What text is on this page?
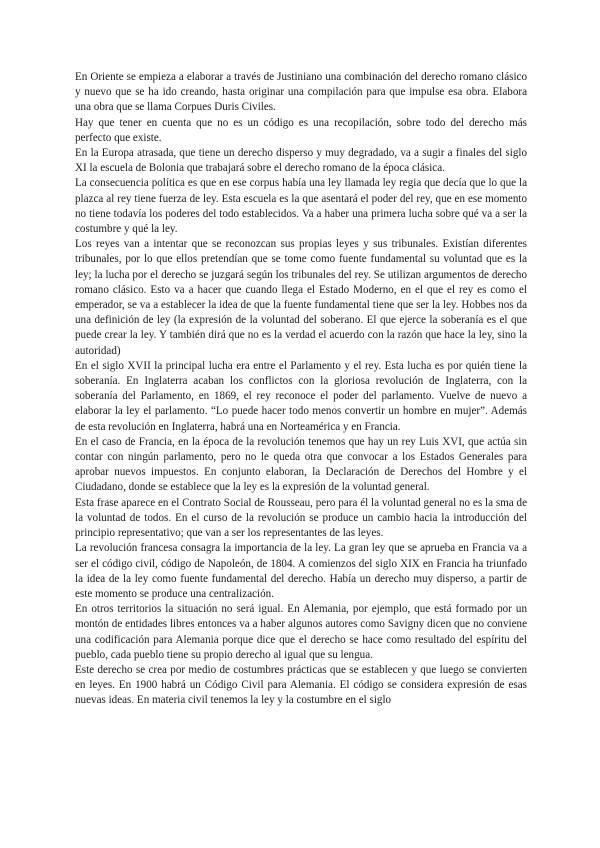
En Oriente se empieza a elaborar a través de Justiniano una combinación del derecho romano clásico y nuevo que se ha ido creando, hasta originar una compilación para que impulse esa obra. Elabora una obra que se llama Corpues Duris Civiles.

Hay que tener en cuenta que no es un código es una recopilación, sobre todo del derecho más perfecto que existe.

En la Europa atrasada, que tiene un derecho disperso y muy degradado, va a sugir a finales del siglo XI la escuela de Bolonia que trabajará sobre el derecho romano de la época clásica.

La consecuencia política es que en ese corpus había una ley llamada ley regia que decía que lo que la plazca al rey tiene fuerza de ley. Esta escuela es la que asentará el poder del rey, que en ese momento no tiene todavía los poderes del todo establecidos. Va a haber una primera lucha sobre qué va a ser la costumbre y qué la ley.

Los reyes van a intentar que se reconozcan sus propias leyes y sus tribunales. Existían diferentes tribunales, por lo que ellos pretendían que se tome como fuente fundamental su voluntad que es la ley; la lucha por el derecho se juzgará según los tribunales del rey. Se utilizan argumentos de derecho romano clásico. Esto va a hacer que cuando llega el Estado Moderno, en el que el rey es como el emperador, se va a establecer la idea de que la fuente fundamental tiene que ser la ley. Hobbes nos da una definición de ley (la expresión de la voluntad del soberano. El que ejerce la soberanía es el que puede crear la ley. Y también dirá que no es la verdad el acuerdo con la razón que hace la ley, sino la autoridad)

En el siglo XVII la principal lucha era entre el Parlamento y el rey. Esta lucha es por quién tiene la soberanía. En Inglaterra acaban los conflictos con la gloriosa revolución de Inglaterra, con la soberanía del Parlamento, en 1869, el rey reconoce el poder del parlamento. Vuelve de nuevo a elaborar la ley el parlamento. “Lo puede hacer todo menos convertir un hombre en mujer”. Además de esta revolución en Inglaterra, habrá una en Norteamérica y en Francia.

En el caso de Francia, en la época de la revolución tenemos que hay un rey Luis XVI, que actúa sin contar con ningún parlamento, pero no le queda otra que convocar a los Estados Generales para aprobar nuevos impuestos. En conjunto elaboran, la Declaración de Derechos del Hombre y el Ciudadano, donde se establece que la ley es la expresión de la voluntad general.

Esta frase aparece en el Contrato Social de Rousseau, pero para él la voluntad general no es la sma de la voluntad de todos. En el curso de la revolución se produce un cambio hacia la introducción del principio representativo; que van a ser los representantes de las leyes.

La revolución francesa consagra la importancia de la ley. La gran ley que se aprueba en Francia va a ser el código civil, código de Napoleón, de 1804. A comienzos del siglo XIX en Francia ha triunfado la idea de la ley como fuente fundamental del derecho. Había un derecho muy disperso, a partir de este momento se produce una centralización.

En otros territorios la situación no será igual. En Alemania, por ejemplo, que está formado por un montón de entidades libres entonces va a haber algunos autores como Savigny dicen que no conviene una codificación para Alemania porque dice que el derecho se hace como resultado del espíritu del pueblo, cada pueblo tiene su propio derecho al igual que su lengua.

Este derecho se crea por medio de costumbres prácticas que se establecen y que luego se convierten en leyes. En 1900 habrá un Código Civil para Alemania. El código se considera expresión de esas nuevas ideas. En materia civil tenemos la ley y la costumbre en el siglo
